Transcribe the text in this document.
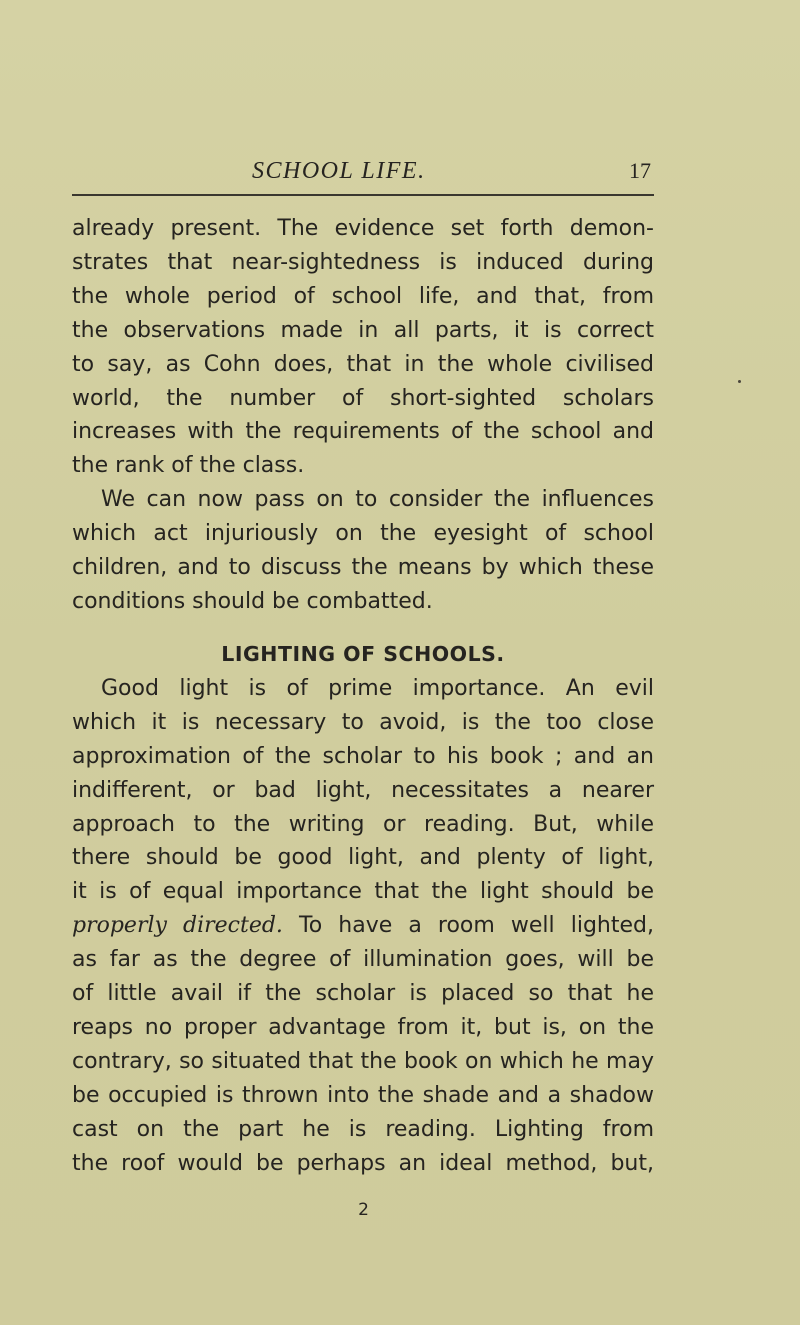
SCHOOL LIFE.	17

already present. The evidence set forth demon-

strates that near-sightedness is induced during

the whole period of school life, and that, from

the observations made in all parts, it is correct

to say, as Cohn does, that in the whole civilised

world, the number of short-sighted scholars

increases with the requirements of the school and

the rank of the class.

We can now pass on to consider the influences

which act injuriously on the eyesight of school

children, and to discuss the means by which these

conditions should be combatted.

LIGHTING OF SCHOOLS.

Good light is of prime importance. An evil

which it is necessary to avoid, is the too close

approximation of the scholar to his book ; and an

indifferent, or bad light, necessitates a nearer

approach to the writing or reading. But, while

there should be good light, and plenty of light,

it is of equal importance that the light should be

properly directed. To have a room well lighted,

as far as the degree of illumination goes, will be

of little avail if the scholar is placed so that he

reaps no proper advantage from it, but is, on the

contrary, so situated that the book on which he may

be occupied is thrown into the shade and a shadow

cast on the part he is reading. Lighting from

the roof would be perhaps an ideal method, but,

2
